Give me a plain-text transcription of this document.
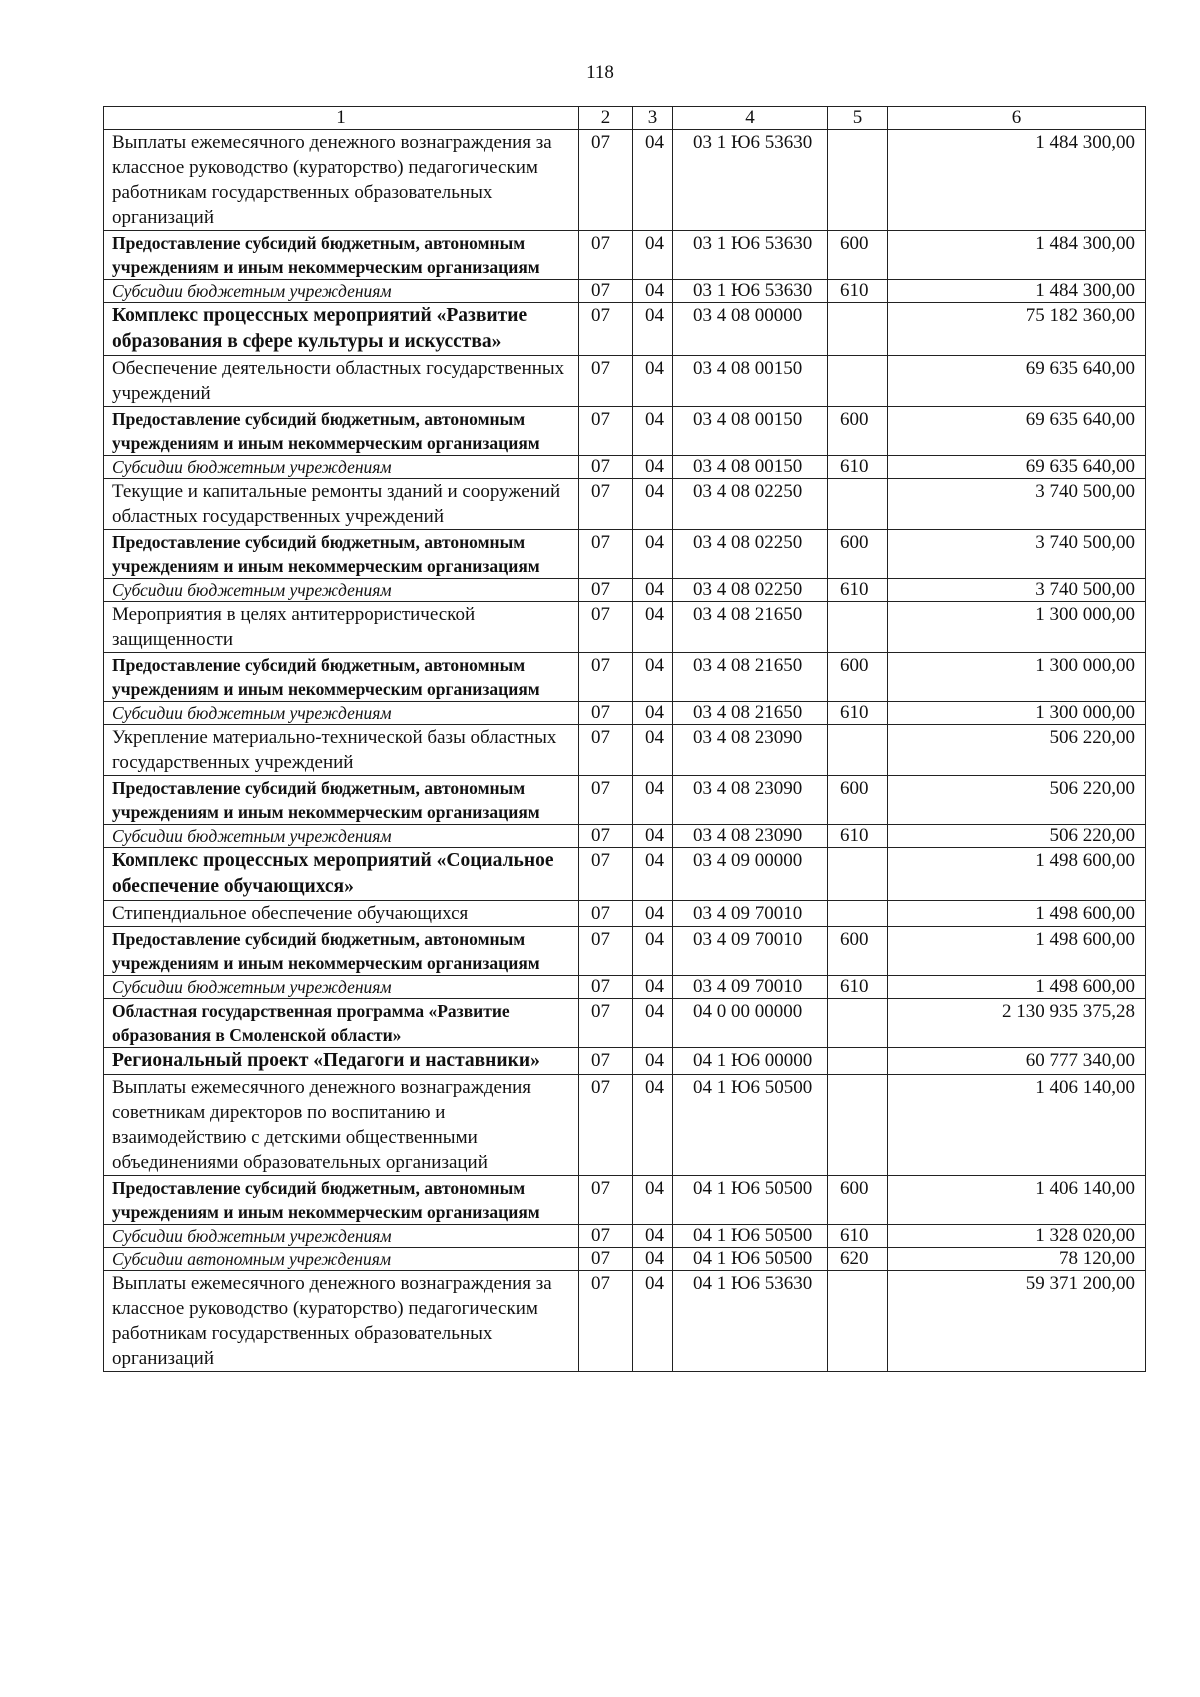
118
1	2	3	4	5	6
Выплаты ежемесячного денежного вознаграждения за классное руководство (кураторство) педагогическим работникам государственных образовательных организаций	07	04	03 1 Ю6 53630		1 484 300,00
Предоставление субсидий бюджетным, автономным учреждениям и иным некоммерческим организациям	07	04	03 1 Ю6 53630	600	1 484 300,00
Субсидии бюджетным учреждениям	07	04	03 1 Ю6 53630	610	1 484 300,00
Комплекс процессных мероприятий «Развитие образования в сфере культуры и искусства»	07	04	03 4 08 00000		75 182 360,00
Обеспечение деятельности областных государственных учреждений	07	04	03 4 08 00150		69 635 640,00
Предоставление субсидий бюджетным, автономным учреждениям и иным некоммерческим организациям	07	04	03 4 08 00150	600	69 635 640,00
Субсидии бюджетным учреждениям	07	04	03 4 08 00150	610	69 635 640,00
Текущие и капитальные ремонты зданий и сооружений областных государственных учреждений	07	04	03 4 08 02250		3 740 500,00
Предоставление субсидий бюджетным, автономным учреждениям и иным некоммерческим организациям	07	04	03 4 08 02250	600	3 740 500,00
Субсидии бюджетным учреждениям	07	04	03 4 08 02250	610	3 740 500,00
Мероприятия в целях антитеррористической защищенности	07	04	03 4 08 21650		1 300 000,00
Предоставление субсидий бюджетным, автономным учреждениям и иным некоммерческим организациям	07	04	03 4 08 21650	600	1 300 000,00
Субсидии бюджетным учреждениям	07	04	03 4 08 21650	610	1 300 000,00
Укрепление материально-технической базы областных государственных учреждений	07	04	03 4 08 23090		506 220,00
Предоставление субсидий бюджетным, автономным учреждениям и иным некоммерческим организациям	07	04	03 4 08 23090	600	506 220,00
Субсидии бюджетным учреждениям	07	04	03 4 08 23090	610	506 220,00
Комплекс процессных мероприятий «Социальное обеспечение обучающихся»	07	04	03 4 09 00000		1 498 600,00
Стипендиальное обеспечение обучающихся	07	04	03 4 09 70010		1 498 600,00
Предоставление субсидий бюджетным, автономным учреждениям и иным некоммерческим организациям	07	04	03 4 09 70010	600	1 498 600,00
Субсидии бюджетным учреждениям	07	04	03 4 09 70010	610	1 498 600,00
Областная государственная программа «Развитие образования в Смоленской области»	07	04	04 0 00 00000		2 130 935 375,28
Региональный проект «Педагоги и наставники»	07	04	04 1 Ю6 00000		60 777 340,00
Выплаты ежемесячного денежного вознаграждения советникам директоров по воспитанию и взаимодействию с детскими общественными объединениями образовательных организаций	07	04	04 1 Ю6 50500		1 406 140,00
Предоставление субсидий бюджетным, автономным учреждениям и иным некоммерческим организациям	07	04	04 1 Ю6 50500	600	1 406 140,00
Субсидии бюджетным учреждениям	07	04	04 1 Ю6 50500	610	1 328 020,00
Субсидии автономным учреждениям	07	04	04 1 Ю6 50500	620	78 120,00
Выплаты ежемесячного денежного вознаграждения за классное руководство (кураторство) педагогическим работникам государственных образовательных организаций	07	04	04 1 Ю6 53630		59 371 200,00
